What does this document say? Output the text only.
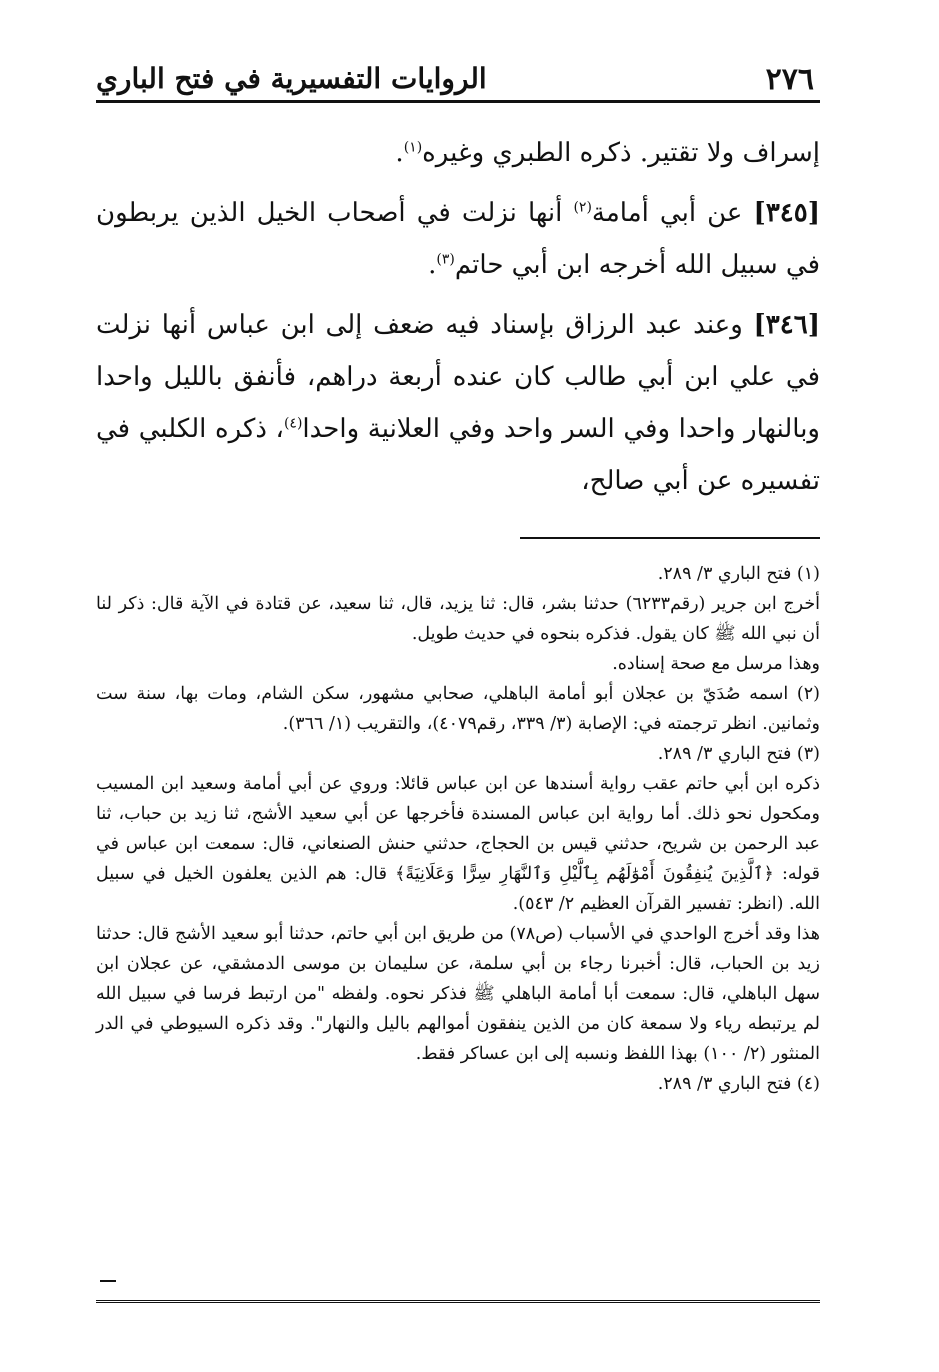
٢٧٦
الروايات التفسيرية في فتح الباري

إسراف ولا تقتير. ذكره الطبري وغيره$^{(١)}$.

[٣٤٥] عن أبي أمامة$^{(٢)}$ أنها نزلت في أصحاب الخيل الذين يربطون في سبيل الله أخرجه ابن أبي حاتم$^{(٣)}$.

[٣٤٦] وعند عبد الرزاق بإسناد فيه ضعف إلى ابن عباس أنها نزلت في علي ابن أبي طالب كان عنده أربعة دراهم، فأنفق بالليل واحدا وبالنهار واحدا وفي السر واحد وفي العلانية واحدا$^{(٤)}$، ذكره الكلبي في تفسيره عن أبي صالح،

(١) فتح الباري ٣/ ٢٨٩.

أخرج ابن جرير (رقم٦٢٣٣) حدثنا بشر، قال: ثنا يزيد، قال، ثنا سعيد، عن قتادة في الآية قال: ذكر لنا أن نبي الله ﷺ كان يقول. فذكره بنحوه في حديث طويل.

وهذا مرسل مع صحة إسناده.

(٢) اسمه صُدَيّ بن عجلان أبو أمامة الباهلي، صحابي مشهور، سكن الشام، ومات بها، سنة ست وثمانين. انظر ترجمته في: الإصابة (٣/ ٣٣٩، رقم٤٠٧٩)، والتقريب (١/ ٣٦٦).

(٣) فتح الباري ٣/ ٢٨٩.

ذكره ابن أبي حاتم عقب رواية أسندها عن ابن عباس قائلا: وروي عن أبي أمامة وسعيد ابن المسيب ومكحول نحو ذلك. أما رواية ابن عباس المسندة فأخرجها عن أبي سعيد الأشج، ثنا زيد بن حباب، ثنا عبد الرحمن بن شريح، حدثني قيس بن الحجاج، حدثني حنش الصنعاني، قال: سمعت ابن عباس في قوله: ﴿ٱلَّذِينَ يُنفِقُونَ أَمْوَٰلَهُم بِٱلَّيْلِ وَٱلنَّهَارِ سِرًّا وَعَلَانِيَةً﴾ قال: هم الذين يعلفون الخيل في سبيل الله. (انظر: تفسير القرآن العظيم ٢/ ٥٤٣).

هذا وقد أخرج الواحدي في الأسباب (ص٧٨) من طريق ابن أبي حاتم، حدثنا أبو سعيد الأشج قال: حدثنا زيد بن الحباب، قال: أخبرنا رجاء بن أبي سلمة، عن سليمان بن موسى الدمشقي، عن عجلان ابن سهل الباهلي، قال: سمعت أبا أمامة الباهلي ﷺ فذكر نحوه. ولفظه "من ارتبط فرسا في سبيل الله لم يرتبطه رياء ولا سمعة كان من الذين ينفقون أموالهم باليل والنهار". وقد ذكره السيوطي في الدر المنثور (٢/ ١٠٠) بهذا اللفظ ونسبه إلى ابن عساكر فقط.

(٤) فتح الباري ٣/ ٢٨٩.
